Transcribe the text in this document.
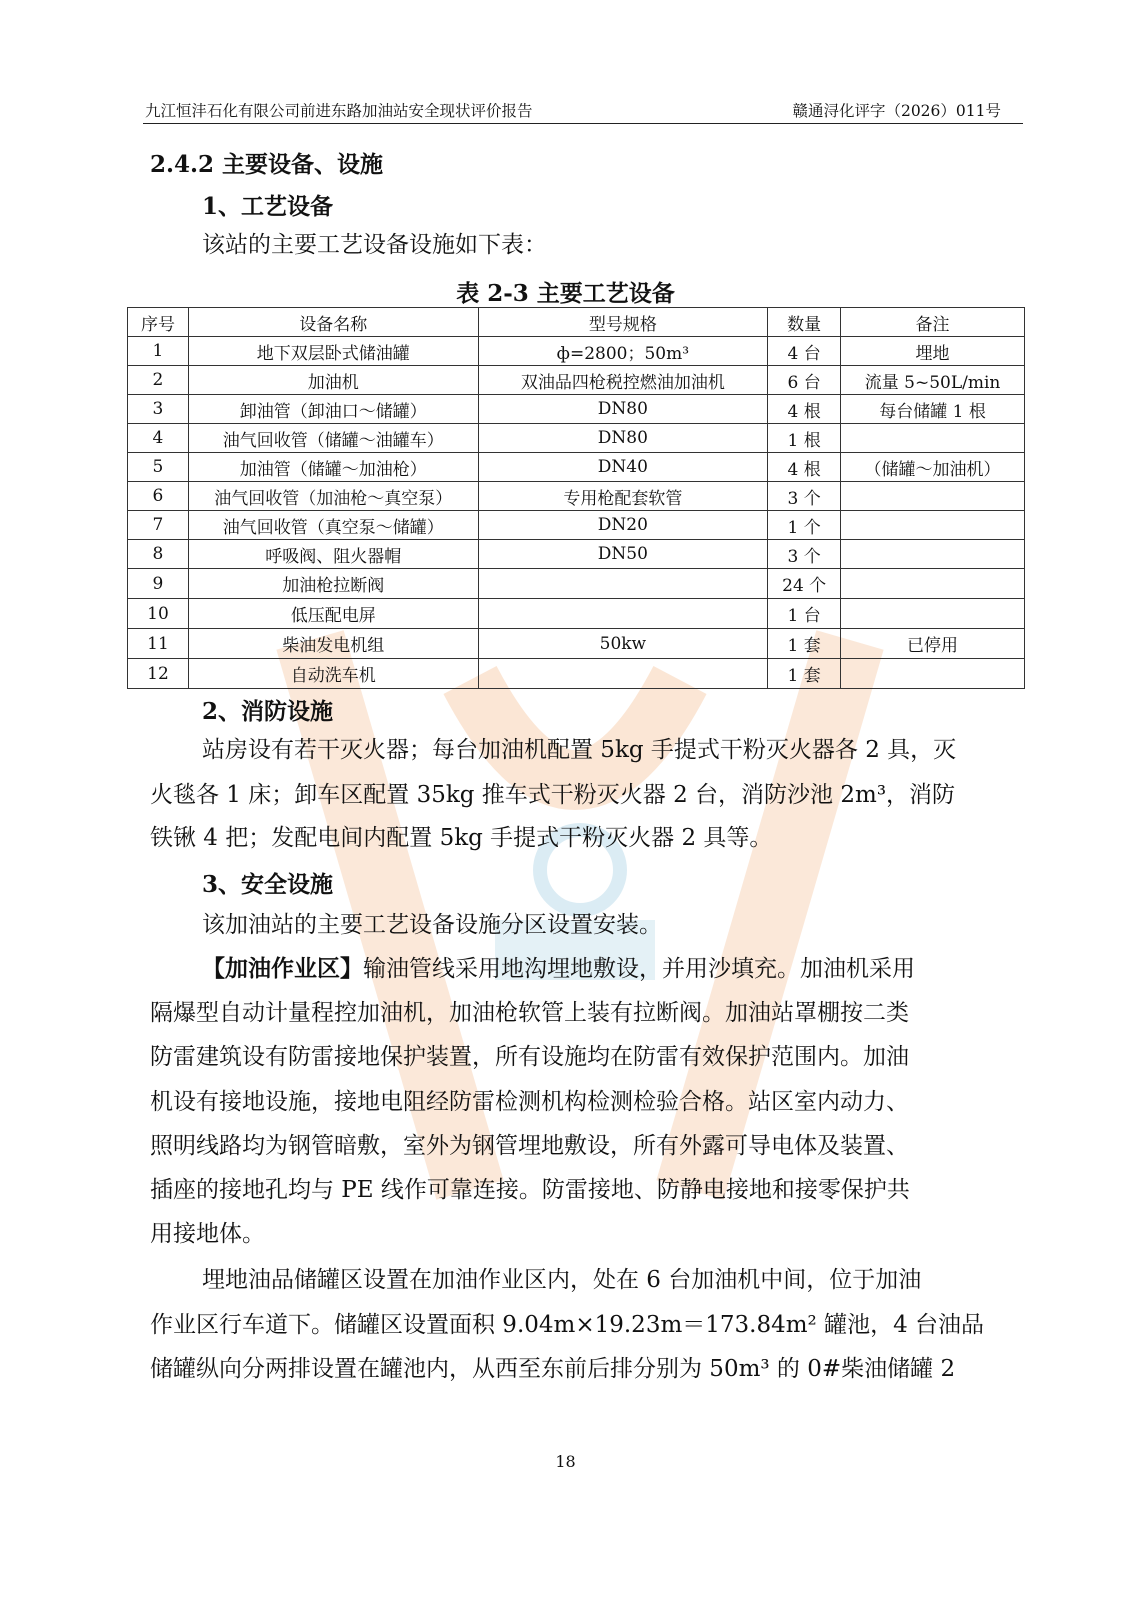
九江恒沣石化有限公司前进东路加油站安全现状评价报告	赣通浔化评字（2026）011号
2.4.2 主要设备、设施
1、工艺设备
该站的主要工艺设备设施如下表：
表 2-3 主要工艺设备
序号	设备名称	型号规格	数量	备注
1	地下双层卧式储油罐	ф=2800；50m³	4 台	埋地
2	加油机	双油品四枪税控燃油加油机	6 台	流量 5~50L/min
3	卸油管（卸油口～储罐）	DN80	4 根	每台储罐 1 根
4	油气回收管（储罐～油罐车）	DN80	1 根	
5	加油管（储罐～加油枪）	DN40	4 根	（储罐～加油机）
6	油气回收管（加油枪～真空泵）	专用枪配套软管	3 个	
7	油气回收管（真空泵～储罐）	DN20	1 个	
8	呼吸阀、阻火器帽	DN50	3 个	
9	加油枪拉断阀		24 个	
10	低压配电屏		1 台	
11	柴油发电机组	50kw	1 套	已停用
12	自动洗车机		1 套	
2、消防设施
站房设有若干灭火器；每台加油机配置 5kg 手提式干粉灭火器各 2 具，灭
火毯各 1 床；卸车区配置 35kg 推车式干粉灭火器 2 台，消防沙池 2m³，消防
铁锹 4 把；发配电间内配置 5kg 手提式干粉灭火器 2 具等。
3、安全设施
该加油站的主要工艺设备设施分区设置安装。
【加油作业区】输油管线采用地沟埋地敷设，并用沙填充。加油机采用
隔爆型自动计量程控加油机，加油枪软管上装有拉断阀。加油站罩棚按二类
防雷建筑设有防雷接地保护装置，所有设施均在防雷有效保护范围内。加油
机设有接地设施，接地电阻经防雷检测机构检测检验合格。站区室内动力、
照明线路均为钢管暗敷，室外为钢管埋地敷设，所有外露可导电体及装置、
插座的接地孔均与 PE 线作可靠连接。防雷接地、防静电接地和接零保护共
用接地体。
埋地油品储罐区设置在加油作业区内，处在 6 台加油机中间，位于加油
作业区行车道下。储罐区设置面积 9.04m×19.23m＝173.84m² 罐池，4 台油品
储罐纵向分两排设置在罐池内，从西至东前后排分别为 50m³ 的 0#柴油储罐 2
18
